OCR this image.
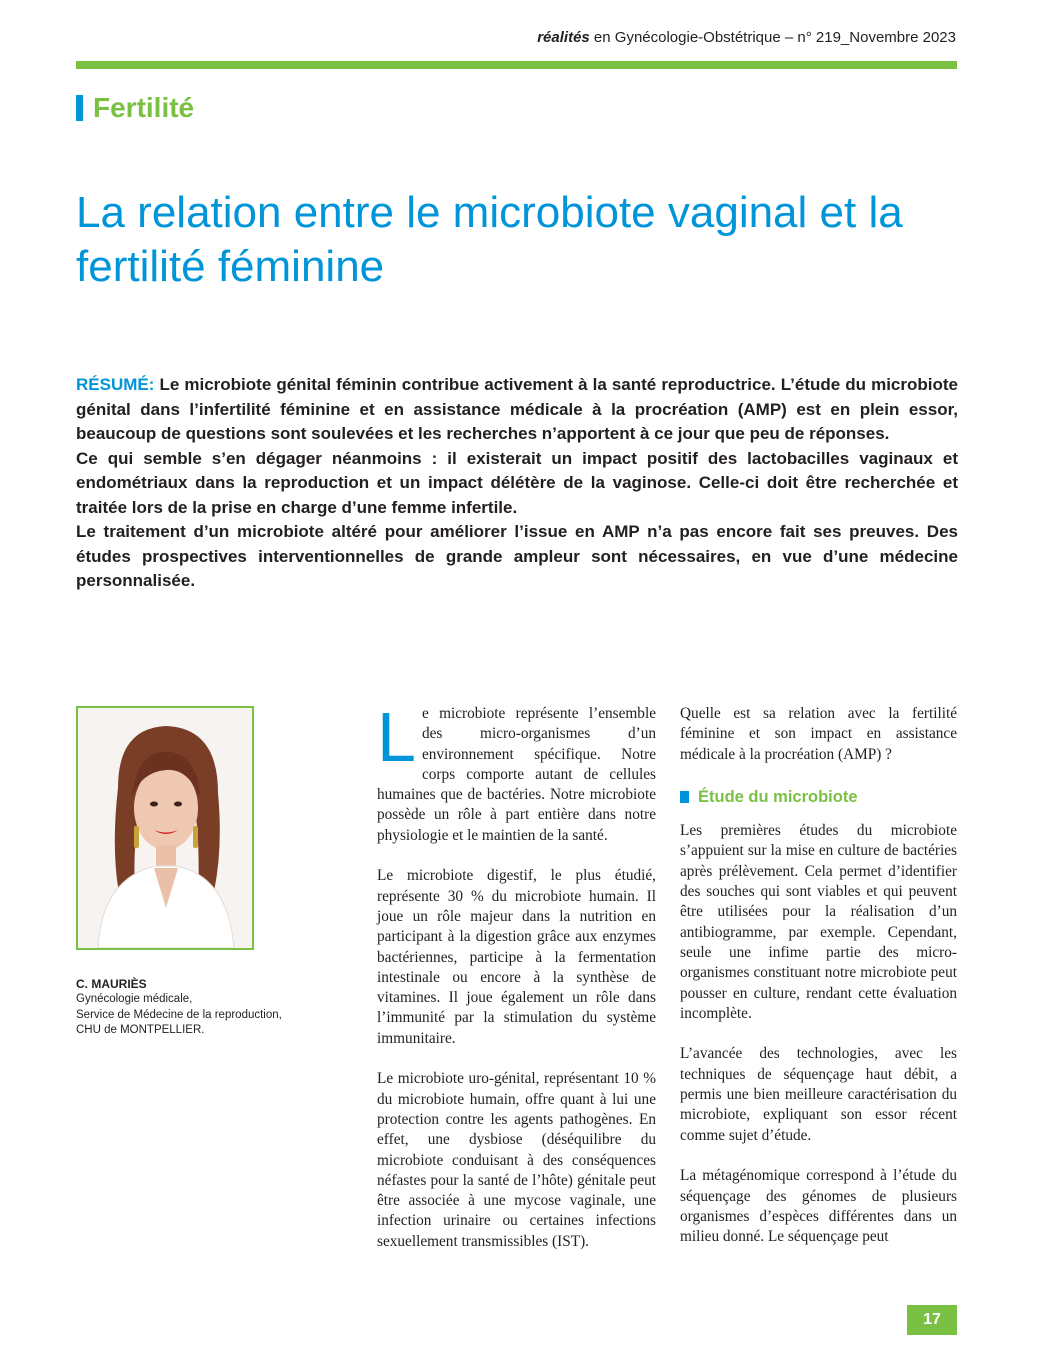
réalités en Gynécologie-Obstétrique – n° 219_Novembre 2023
Fertilité
La relation entre le microbiote vaginal et la fertilité féminine

RÉSUMÉ: Le microbiote génital féminin contribue activement à la santé reproductrice. L’étude du microbiote génital dans l’infertilité féminine et en assistance médicale à la procréation (AMP) est en plein essor, beaucoup de questions sont soulevées et les recherches n’apportent à ce jour que peu de réponses.

Ce qui semble s’en dégager néanmoins : il existerait un impact positif des lactobacilles vaginaux et endométriaux dans la reproduction et un impact délétère de la vaginose. Celle-ci doit être recherchée et traitée lors de la prise en charge d’une femme infertile.

Le traitement d’un microbiote altéré pour améliorer l’issue en AMP n’a pas encore fait ses preuves. Des études prospectives interventionnelles de grande ampleur sont nécessaires, en vue d’une médecine personnalisée.

C. MAURIÈS
Gynécologie médicale,
Service de Médecine de la reproduction,
CHU de MONTPELLIER.

Le microbiote représente l’ensemble des micro-organismes d’un environnement spécifique. Notre corps comporte autant de cellules humaines que de bactéries. Notre microbiote possède un rôle à part entière dans notre physiologie et le maintien de la santé.

Le microbiote digestif, le plus étudié, représente 30 % du microbiote humain. Il joue un rôle majeur dans la nutrition en participant à la digestion grâce aux enzymes bactériennes, participe à la fermentation intestinale ou encore à la synthèse de vitamines. Il joue également un rôle dans l’immunité par la stimulation du système immunitaire.

Le microbiote uro-génital, représentant 10 % du microbiote humain, offre quant à lui une protection contre les agents pathogènes. En effet, une dysbiose (déséquilibre du microbiote conduisant à des conséquences néfastes pour la santé de l’hôte) génitale peut être associée à une mycose vaginale, une infection urinaire ou certaines infections sexuellement transmissibles (IST).

Quelle est sa relation avec la fertilité féminine et son impact en assistance médicale à la procréation (AMP) ?

Étude du microbiote

Les premières études du microbiote s’appuient sur la mise en culture de bactéries après prélèvement. Cela permet d’identifier des souches qui sont viables et qui peuvent être utilisées pour la réalisation d’un antibiogramme, par exemple. Cependant, seule une infime partie des micro-organismes constituant notre microbiote peut pousser en culture, rendant cette évaluation incomplète.

L’avancée des technologies, avec les techniques de séquençage haut débit, a permis une bien meilleure caractérisation du microbiote, expliquant son essor récent comme sujet d’étude.

La métagénomique correspond à l’étude du séquençage des génomes de plusieurs organismes d’espèces différentes dans un milieu donné. Le séquençage peut

17
